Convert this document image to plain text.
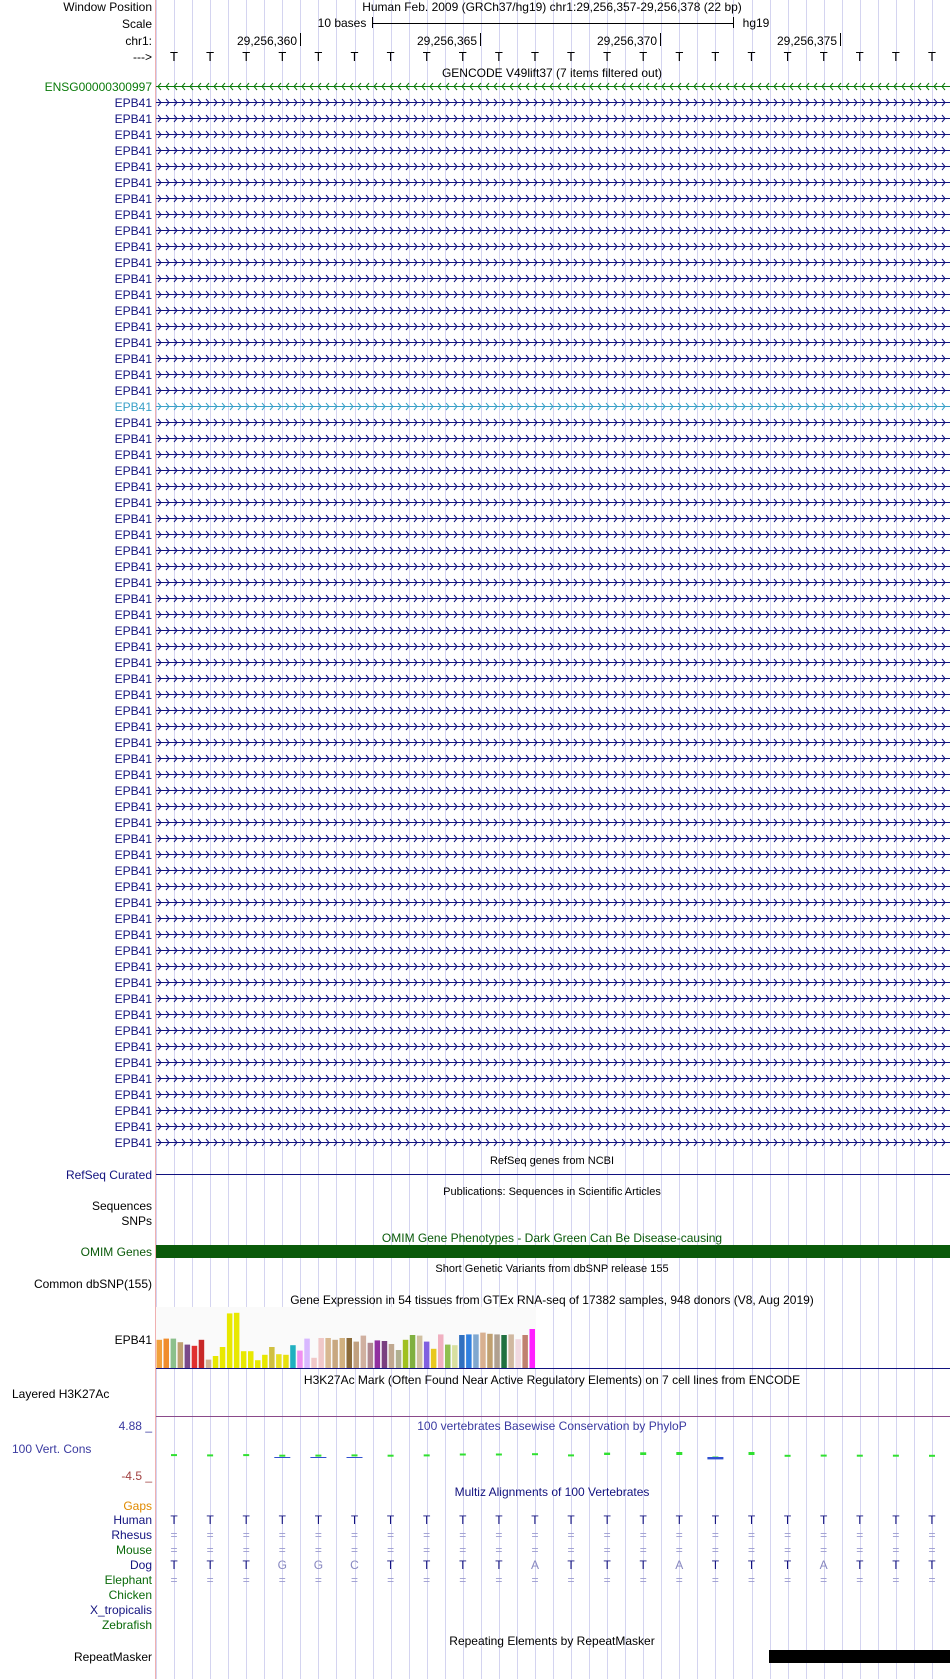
Window Position	Human Feb. 2009 (GRCh37/hg19) chr1:29,256,357-29,256,378 (22 bp)
Scale	10 bases	hg19
chr1:	29,256,360	29,256,365	29,256,370	29,256,375
---> T T T T T T T T T T T T T T T T T T T T T T
GENCODE V49lift37 (7 items filtered out)
ENSG00000300997
EPB41
EPB41
EPB41
EPB41
EPB41
EPB41
EPB41
EPB41
EPB41
EPB41
EPB41
EPB41
EPB41
EPB41
EPB41
EPB41
EPB41
EPB41
EPB41
EPB41
EPB41
EPB41
EPB41
EPB41
EPB41
EPB41
EPB41
EPB41
EPB41
EPB41
EPB41
EPB41
EPB41
EPB41
EPB41
EPB41
EPB41
EPB41
EPB41
EPB41
EPB41
EPB41
EPB41
EPB41
EPB41
EPB41
EPB41
EPB41
EPB41
EPB41
EPB41
EPB41
EPB41
EPB41
EPB41
EPB41
EPB41
EPB41
EPB41
EPB41
EPB41
EPB41
EPB41
EPB41
EPB41
EPB41
RefSeq genes from NCBI
RefSeq Curated
Publications: Sequences in Scientific Articles
Sequences
SNPs
OMIM Gene Phenotypes - Dark Green Can Be Disease-causing
OMIM Genes
Short Genetic Variants from dbSNP release 155
Common dbSNP(155)
Gene Expression in 54 tissues from GTEx RNA-seq of 17382 samples, 948 donors (V8, Aug 2019)
EPB41
H3K27Ac Mark (Often Found Near Active Regulatory Elements) on 7 cell lines from ENCODE
Layered H3K27Ac
100 vertebrates Basewise Conservation by PhyloP
4.88 _
100 Vert. Cons
-4.5 _
Multiz Alignments of 100 Vertebrates
Gaps
Human T T T T T T T T T T T T T T T T T T T T T T
Rhesus = = = = = = = = = = = = = = = = = = = = = =
Mouse = = = = = = = = = = = = = = = = = = = = = =
Dog T T T G G C T T T T A T T T A T T T A T T T
Elephant = = = = = = = = = = = = = = = = = = = = = =
Chicken
X_tropicalis
Zebrafish
Repeating Elements by RepeatMasker
RepeatMasker
